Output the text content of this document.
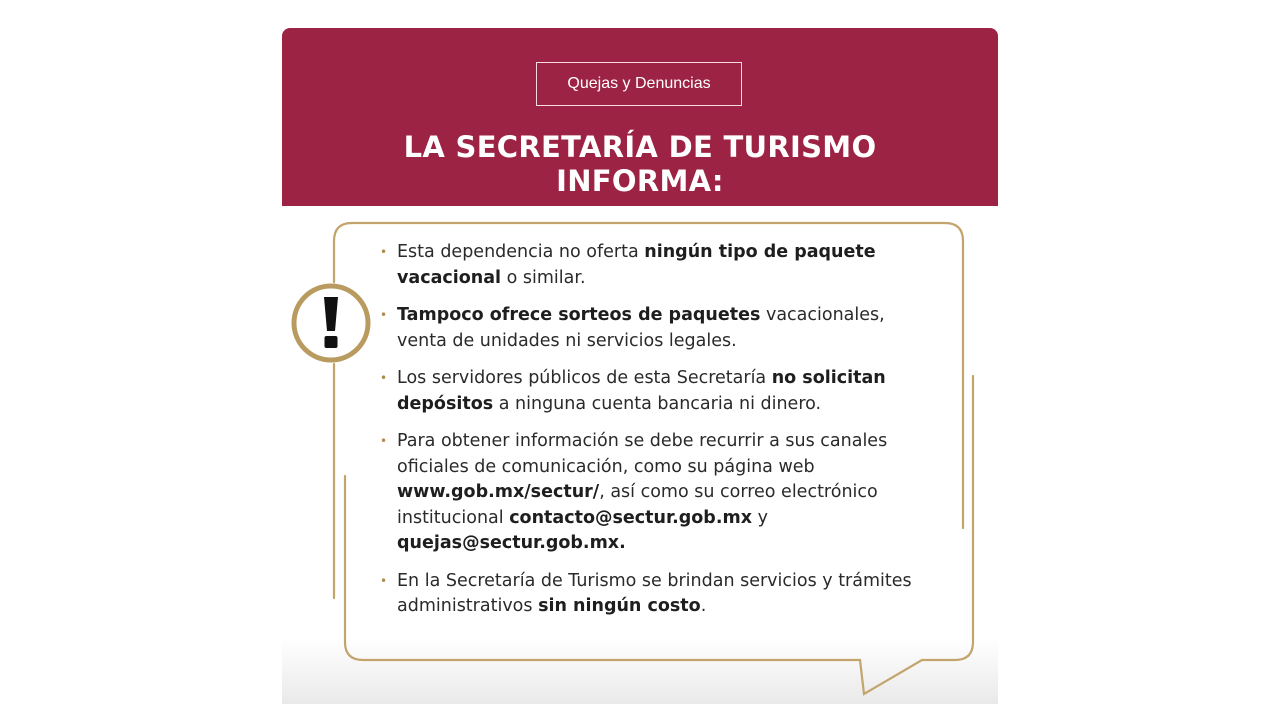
Quejas y Denuncias
LA SECRETARÍA DE TURISMO
INFORMA:
• Esta dependencia no oferta ningún tipo de paquete vacacional o similar.
• Tampoco ofrece sorteos de paquetes vacacionales, venta de unidades ni servicios legales.
• Los servidores públicos de esta Secretaría no solicitan depósitos a ninguna cuenta bancaria ni dinero.
• Para obtener información se debe recurrir a sus canales oficiales de comunicación, como su página web www.gob.mx/sectur/, así como su correo electrónico institucional contacto@sectur.gob.mx y quejas@sectur.gob.mx.
• En la Secretaría de Turismo se brindan servicios y trámites administrativos sin ningún costo.
